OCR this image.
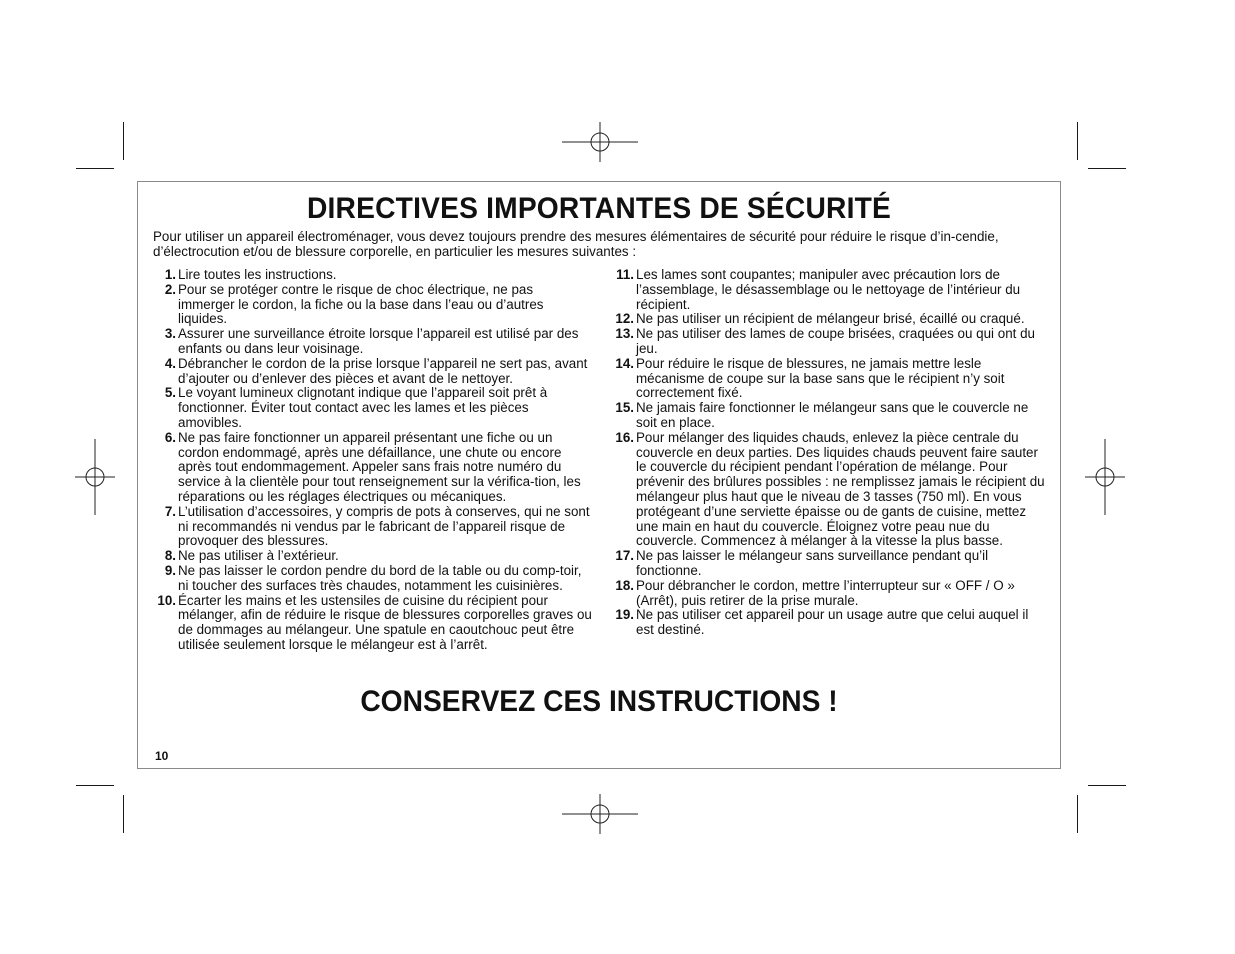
DIRECTIVES IMPORTANTES DE SÉCURITÉ
Pour utiliser un appareil électroménager, vous devez toujours prendre des mesures élémentaires de sécurité pour réduire le risque d’in-cendie, d’électrocution et/ou de blessure corporelle, en particulier les mesures suivantes :
1. Lire toutes les instructions.
2. Pour se protéger contre le risque de choc électrique, ne pas immerger le cordon, la fiche ou la base dans l’eau ou d’autres liquides.
3. Assurer une surveillance étroite lorsque l’appareil est utilisé par des enfants ou dans leur voisinage.
4. Débrancher le cordon de la prise lorsque l’appareil ne sert pas, avant d’ajouter ou d’enlever des pièces et avant de le nettoyer.
5. Le voyant lumineux clignotant indique que l’appareil soit prêt à fonctionner. Éviter tout contact avec les lames et les pièces amovibles.
6. Ne pas faire fonctionner un appareil présentant une fiche ou un cordon endommagé, après une défaillance, une chute ou encore après tout endommagement. Appeler sans frais notre numéro du service à la clientèle pour tout renseignement sur la vérifica-tion, les réparations ou les réglages électriques ou mécaniques.
7. L’utilisation d’accessoires, y compris de pots à conserves, qui ne sont ni recommandés ni vendus par le fabricant de l’appareil risque de provoquer des blessures.
8. Ne pas utiliser à l’extérieur.
9. Ne pas laisser le cordon pendre du bord de la table ou du comp-toir, ni toucher des surfaces très chaudes, notamment les cuisinières.
10. Écarter les mains et les ustensiles de cuisine du récipient pour mélanger, afin de réduire le risque de blessures corporelles graves ou de dommages au mélangeur. Une spatule en caoutchouc peut être utilisée seulement lorsque le mélangeur est à l’arrêt.
11. Les lames sont coupantes; manipuler avec précaution lors de l’assemblage, le désassemblage ou le nettoyage de l’intérieur du récipient.
12. Ne pas utiliser un récipient de mélangeur brisé, écaillé ou craqué.
13. Ne pas utiliser des lames de coupe brisées, craquées ou qui ont du jeu.
14. Pour réduire le risque de blessures, ne jamais mettre lesle mécanisme de coupe sur la base sans que le récipient n’y soit correctement fixé.
15. Ne jamais faire fonctionner le mélangeur sans que le couvercle ne soit en place.
16. Pour mélanger des liquides chauds, enlevez la pièce centrale du couvercle en deux parties. Des liquides chauds peuvent faire sauter le couvercle du récipient pendant l’opération de mélange. Pour prévenir des brûlures possibles : ne remplissez jamais le récipient du mélangeur plus haut que le niveau de 3 tasses (750 ml). En vous protégeant d’une serviette épaisse ou de gants de cuisine, mettez une main en haut du couvercle. Éloignez votre peau nue du couvercle. Commencez à mélanger à la vitesse la plus basse.
17. Ne pas laisser le mélangeur sans surveillance pendant qu’il fonctionne.
18. Pour débrancher le cordon, mettre l’interrupteur sur « OFF / O » (Arrêt), puis retirer de la prise murale.
19. Ne pas utiliser cet appareil pour un usage autre que celui auquel il est destiné.
CONSERVEZ CES INSTRUCTIONS !
10
